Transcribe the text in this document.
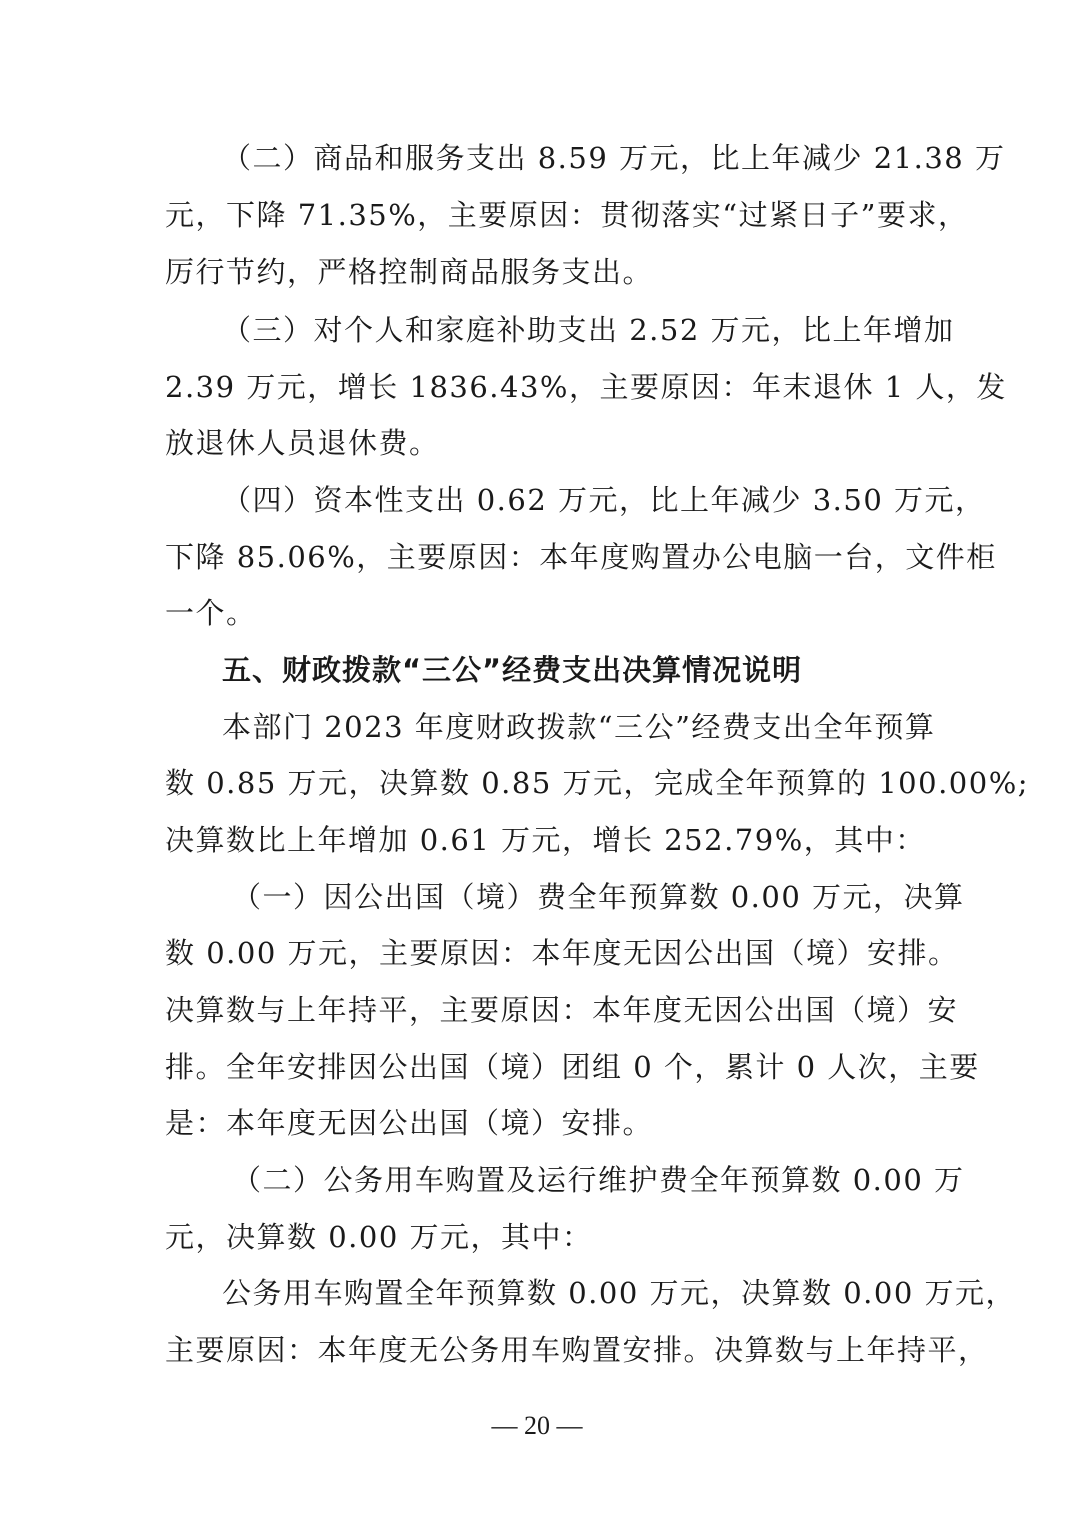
（二）商品和服务支出 8.59 万元，比上年减少 21.38 万
元，下降 71.35%，主要原因：贯彻落实“过紧日子”要求，
厉行节约，严格控制商品服务支出。
（三）对个人和家庭补助支出 2.52 万元，比上年增加
2.39 万元，增长 1836.43%，主要原因：年末退休 1 人，发
放退休人员退休费。
（四）资本性支出 0.62 万元，比上年减少 3.50 万元，
下降 85.06%，主要原因：本年度购置办公电脑一台，文件柜
一个。
五、财政拨款“三公”经费支出决算情况说明
本部门 2023 年度财政拨款“三公”经费支出全年预算
数 0.85 万元，决算数 0.85 万元，完成全年预算的 100.00%;
决算数比上年增加 0.61 万元，增长 252.79%，其中：
（一）因公出国（境）费全年预算数 0.00 万元，决算
数 0.00 万元，主要原因：本年度无因公出国（境）安排。
决算数与上年持平，主要原因：本年度无因公出国（境）安
排。全年安排因公出国（境）团组 0 个，累计 0 人次，主要
是：本年度无因公出国（境）安排。
（二）公务用车购置及运行维护费全年预算数 0.00 万
元，决算数 0.00 万元，其中：
公务用车购置全年预算数 0.00 万元，决算数 0.00 万元，
主要原因：本年度无公务用车购置安排。决算数与上年持平，
— 20 —
